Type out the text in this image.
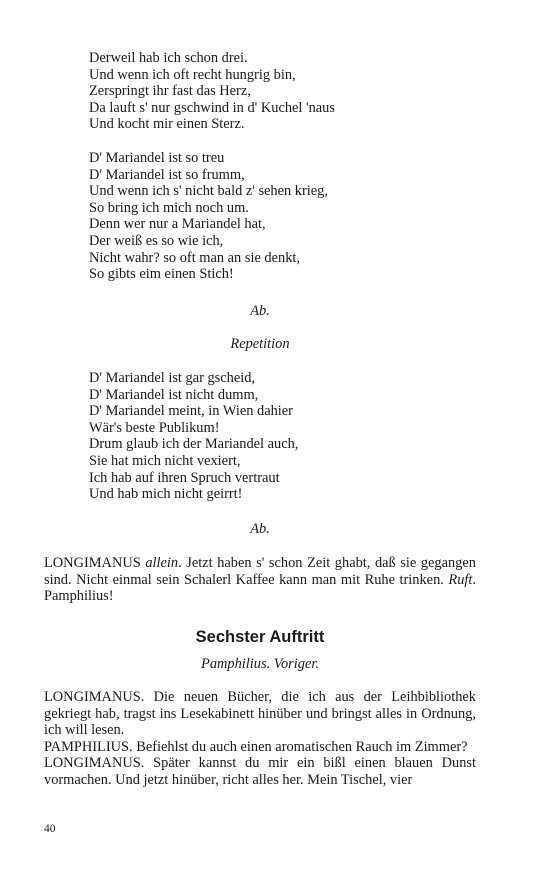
Derweil hab ich schon drei.
Und wenn ich oft recht hungrig bin,
Zerspringt ihr fast das Herz,
Da lauft s' nur gschwind in d' Kuchel 'naus
Und kocht mir einen Sterz.
D' Mariandel ist so treu
D' Mariandel ist so frumm,
Und wenn ich s' nicht bald z' sehen krieg,
So bring ich mich noch um.
Denn wer nur a Mariandel hat,
Der weiß es so wie ich,
Nicht wahr? so oft man an sie denkt,
So gibts eim einen Stich!
Ab.
Repetition
D' Mariandel ist gar gscheid,
D' Mariandel ist nicht dumm,
D' Mariandel meint, in Wien dahier
Wär's beste Publikum!
Drum glaub ich der Mariandel auch,
Sie hat mich nicht vexiert,
Ich hab auf ihren Spruch vertraut
Und hab mich nicht geirrt!
Ab.

LONGIMANUS allein. Jetzt haben s' schon Zeit ghabt, daß sie gegangen sind. Nicht einmal sein Schalerl Kaffee kann man mit Ruhe trinken. Ruft. Pamphilius!

Sechster Auftritt
Pamphilius. Voriger.

LONGIMANUS. Die neuen Bücher, die ich aus der Leihbibliothek gekriegt hab, tragst ins Lesekabinett hinüber und bringst alles in Ordnung, ich will lesen.

PAMPHILIUS. Befiehlst du auch einen aromatischen Rauch im Zimmer?

LONGIMANUS. Später kannst du mir ein bißl einen blauen Dunst vormachen. Und jetzt hinüber, richt alles her. Mein Tischel, vier

40
